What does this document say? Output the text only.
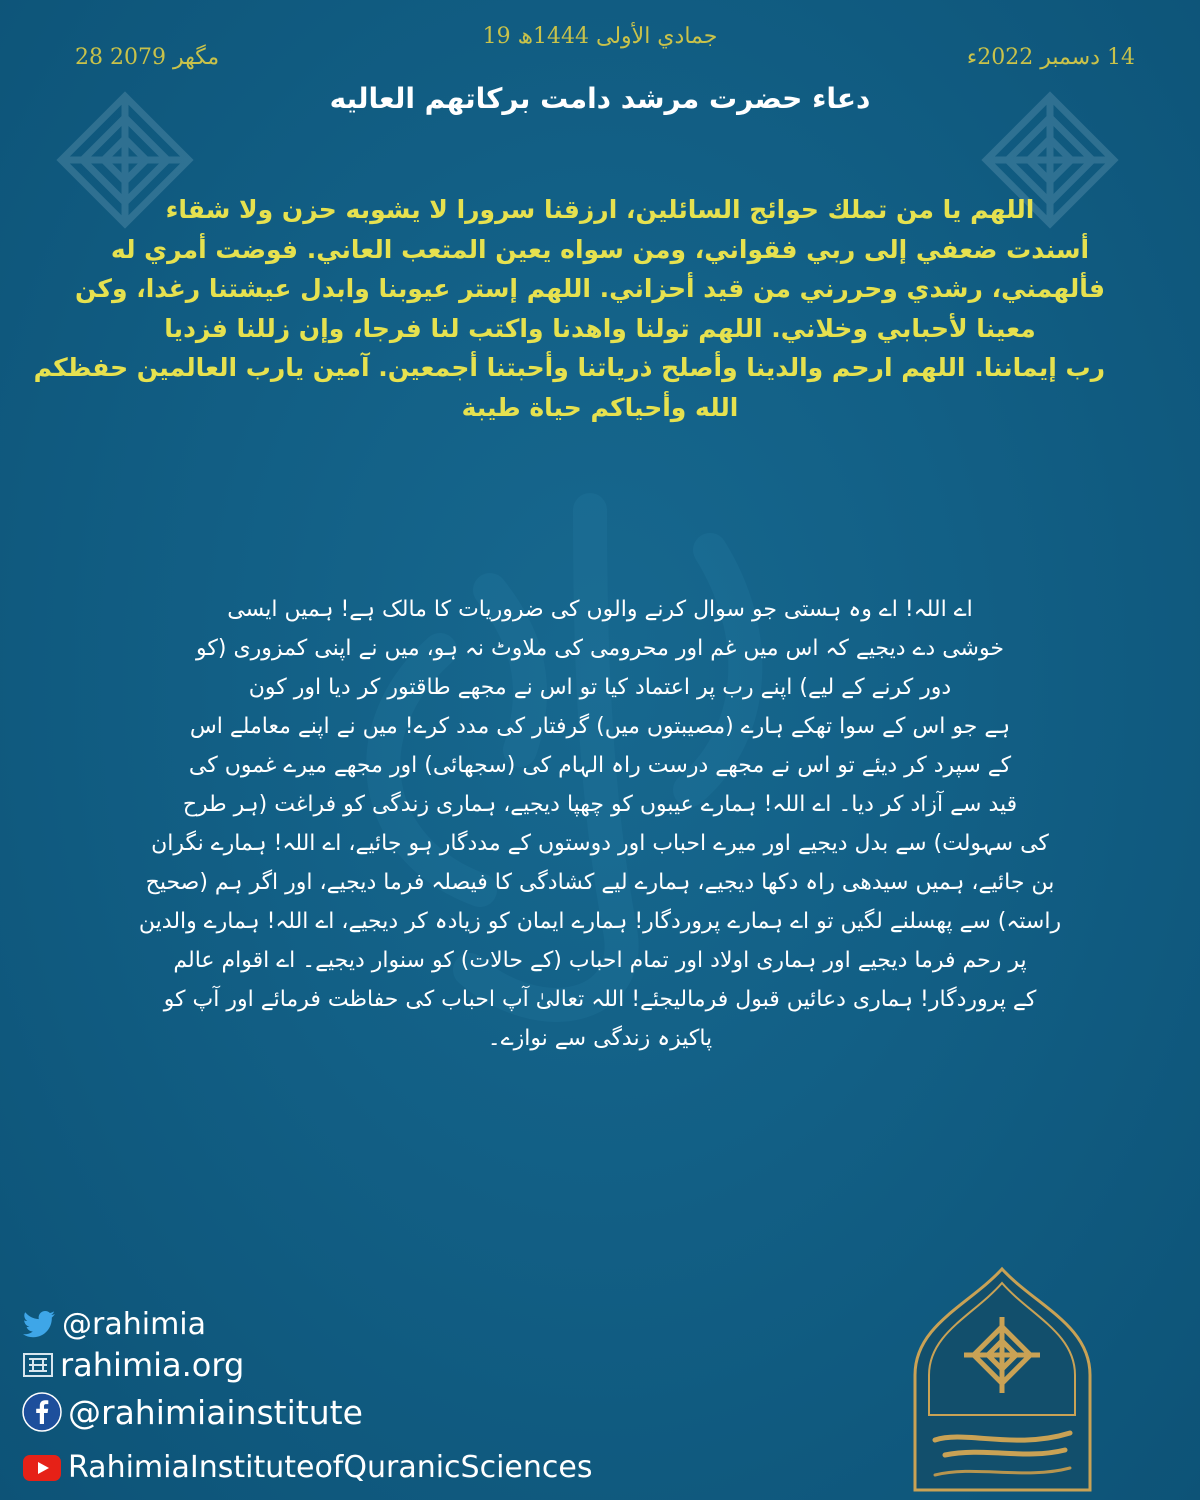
19 جمادي الأولى 1444ھ
28 مگھر 2079	14 دسمبر 2022ء
دعاء حضرت مرشد دامت برکاتهم العاليه
اللهم يا من تملك حوائج السائلين، ارزقنا سرورا لا يشوبه حزن ولا شقاء
أسندت ضعفي إلى ربي فقواني، ومن سواه يعين المتعب العاني. فوضت أمري له
فألهمني، رشدي وحررني من قيد أحزاني. اللهم إستر عيوبنا وابدل عيشتنا رغدا، وكن
معينا لأحبابي وخلاني. اللهم تولنا واهدنا واكتب لنا فرجا، وإن زللنا فزديا
رب إيماننا. اللهم ارحم والدينا وأصلح ذرياتنا وأحبتنا أجمعين. آمين يارب العالمين حفظكم
الله وأحياكم حياة طيبة
اے اللہ! اے وہ ہستی جو سوال کرنے والوں کی ضروریات کا مالک ہے! ہمیں ایسی
خوشی دے دیجیے کہ اس میں غم اور محرومی کی ملاوٹ نہ ہو، میں نے اپنی کمزوری (کو
دور کرنے کے لیے) اپنے رب پر اعتماد کیا تو اس نے مجھے طاقتور کر دیا اور کون
ہے جو اس کے سوا تھکے ہارے (مصیبتوں میں) گرفتار کی مدد کرے! میں نے اپنے معاملے اس
کے سپرد کر دیئے تو اس نے مجھے درست راہ الہام کی (سجھائی) اور مجھے میرے غموں کی
قید سے آزاد کر دیا۔ اے اللہ! ہمارے عیبوں کو چھپا دیجیے، ہماری زندگی کو فراغت (ہر طرح
کی سہولت) سے بدل دیجیے اور میرے احباب اور دوستوں کے مددگار ہو جائیے، اے اللہ! ہمارے نگران
بن جائیے، ہمیں سیدھی راہ دکھا دیجیے، ہمارے لیے کشادگی کا فیصلہ فرما دیجیے، اور اگر ہم (صحیح
راستہ) سے پھسلنے لگیں تو اے ہمارے پروردگار! ہمارے ایمان کو زیادہ کر دیجیے، اے اللہ! ہمارے والدین
پر رحم فرما دیجیے اور ہماری اولاد اور تمام احباب (کے حالات) کو سنوار دیجیے۔ اے اقوام عالم
کے پروردگار! ہماری دعائیں قبول فرمالیجئے! اللہ تعالیٰ آپ احباب کی حفاظت فرمائے اور آپ کو
پاکیزہ زندگی سے نوازے۔
@rahimia
rahimia.org
@rahimiainstitute
RahimiaInstituteofQuranicSciences
